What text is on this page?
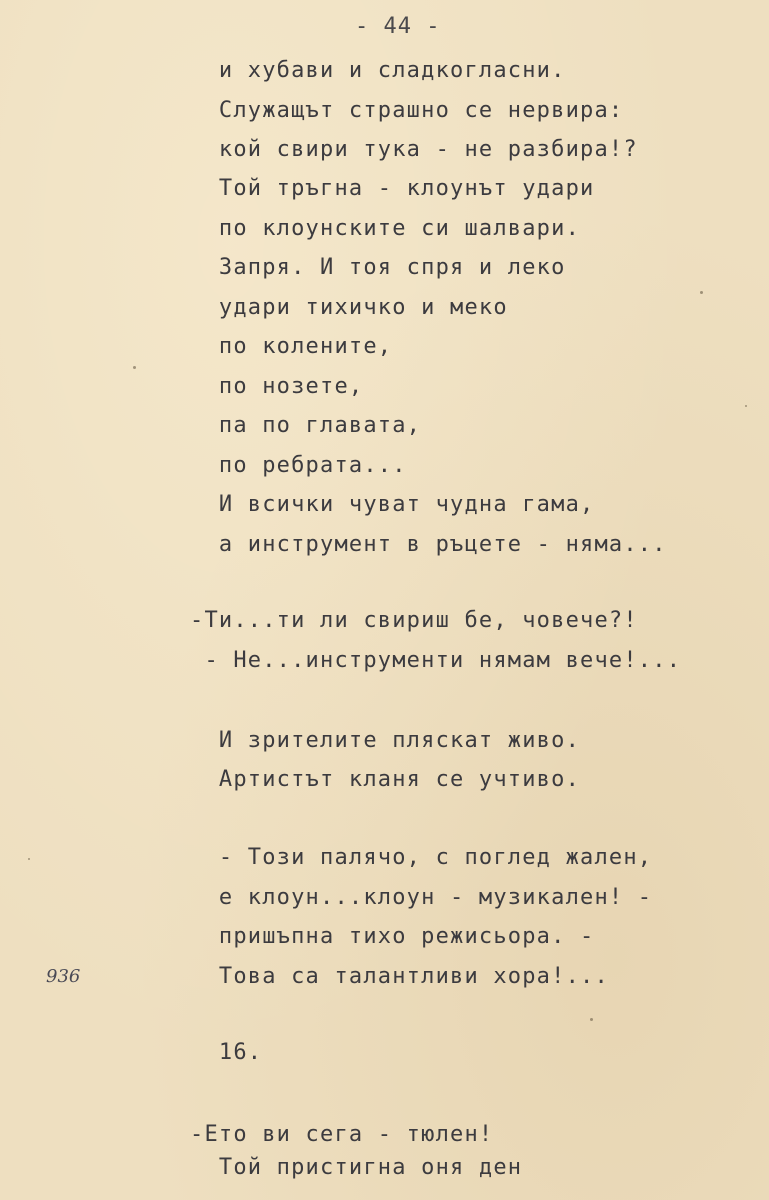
- 44 -
936
и хубави и сладкогласни.
Служащът страшно се нервира:
кой свири тука - не разбира!?
Той тръгна - клоунът удари
по клоунските си шалвари.
Запря. И тоя спря и леко
удари тихичко и меко
по колените,
по нозете,
па по главата,
по ребрата...
И всички чуват чудна гама,
а инструмент в ръцете - няма...
-Ти...ти ли свириш бе, човече?!
- Не...инструменти нямам вече!...
И зрителите пляскат живо.
Артистът кланя се учтиво.
- Този палячо, с поглед жален,
е клоун...клоун - музикален! -
пришъпна тихо режисьора. -
Това са талантливи хора!...
16.
-Ето ви сега - тюлен!
Той пристигна оня ден
